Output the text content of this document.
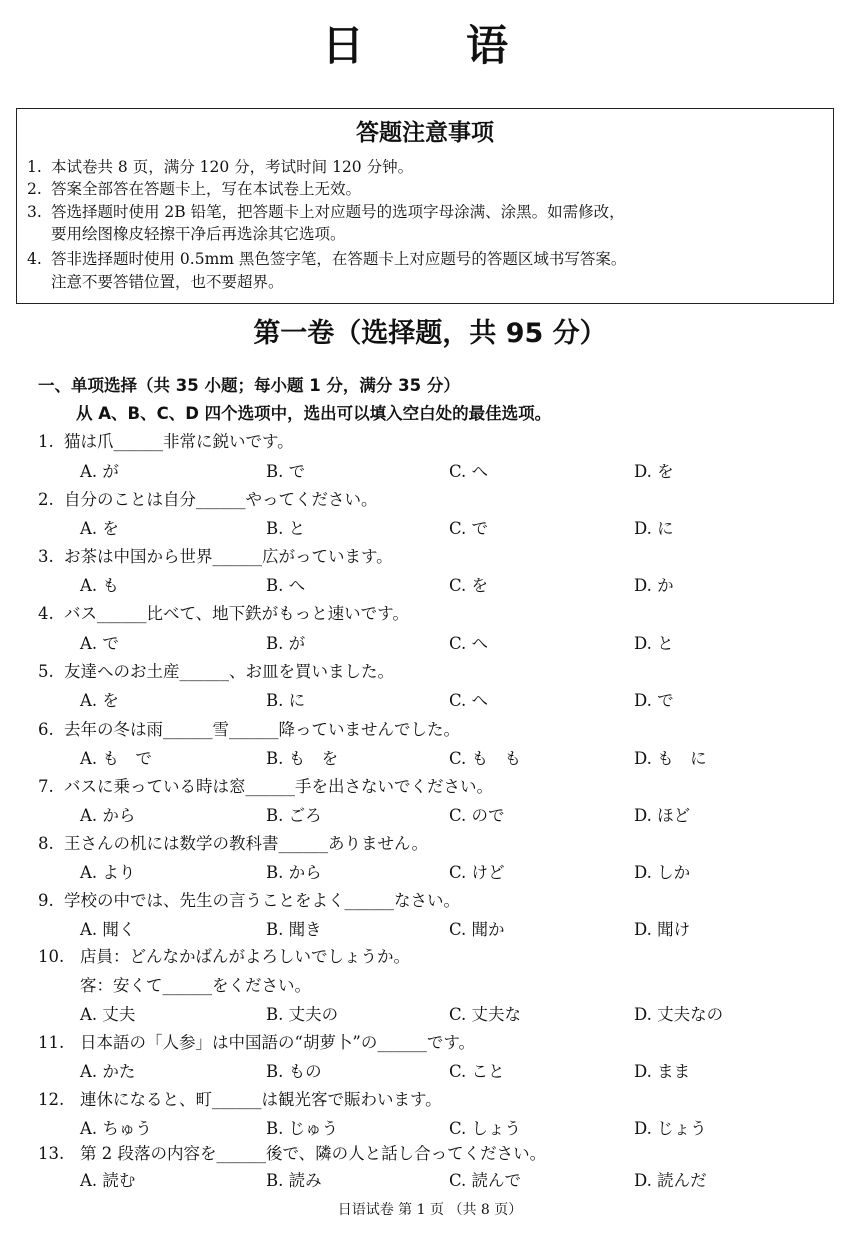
日　语
答题注意事项
1. 本试卷共 8 页，满分 120 分，考试时间 120 分钟。
2. 答案全部答在答题卡上，写在本试卷上无效。
3. 答选择题时使用 2B 铅笔，把答题卡上对应题号的选项字母涂满、涂黑。如需修改，
要用绘图橡皮轻擦干净后再选涂其它选项。
4. 答非选择题时使用 0.5mm 黑色签字笔，在答题卡上对应题号的答题区域书写答案。
注意不要答错位置，也不要超界。
第一卷（选择题，共 95 分）
一、单项选择（共 35 小题；每小题 1 分，满分 35 分）
从 A、B、C、D 四个选项中，选出可以填入空白处的最佳选项。
1. 猫は爪______非常に鋭いです。
A. が	B. で	C. へ	D. を
2. 自分のことは自分______やってください。
A. を	B. と	C. で	D. に
3. お茶は中国から世界______広がっています。
A. も	B. へ	C. を	D. か
4. バス______比べて、地下鉄がもっと速いです。
A. で	B. が	C. へ	D. と
5. 友達へのお土産______、お皿を買いました。
A. を	B. に	C. へ	D. で
6. 去年の冬は雨______雪______降っていませんでした。
A. も　で	B. も　を	C. も　も	D. も　に
7. バスに乗っている時は窓______手を出さないでください。
A. から	B. ごろ	C. ので	D. ほど
8. 王さんの机には数学の教科書______ありません。
A. より	B. から	C. けど	D. しか
9. 学校の中では、先生の言うことをよく______なさい。
A. 聞く	B. 聞き	C. 聞か	D. 聞け
10. 店員：どんなかばんがよろしいでしょうか。
客：安くて______をください。
A. 丈夫	B. 丈夫の	C. 丈夫な	D. 丈夫なの
11. 日本語の「人参」は中国語の“胡萝卜”の______です。
A. かた	B. もの	C. こと	D. まま
12. 連休になると、町______は観光客で賑わいます。
A. ちゅう	B. じゅう	C. しょう	D. じょう
13. 第 2 段落の内容を______後で、隣の人と話し合ってください。
A. 読む	B. 読み	C. 読んで	D. 読んだ
日语试卷 第 1 页 （共 8 页）
